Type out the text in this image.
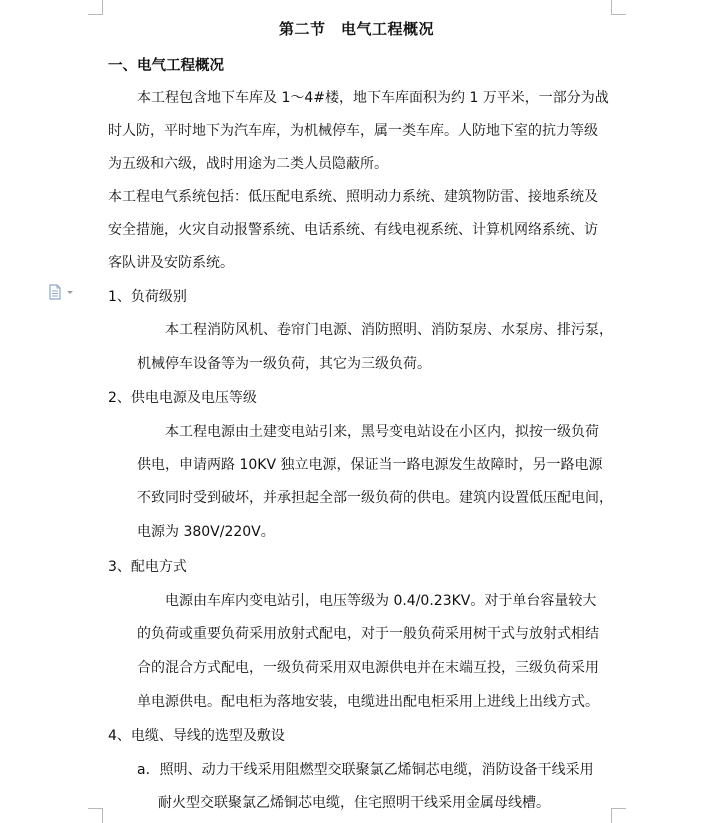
第二节　电气工程概况
一、电气工程概况
本工程包含地下车库及 1～4#楼，地下车库面积为约 1 万平米，一部分为战
时人防，平时地下为汽车库，为机械停车，属一类车库。人防地下室的抗力等级
为五级和六级，战时用途为二类人员隐蔽所。
本工程电气系统包括：低压配电系统、照明动力系统、建筑物防雷、接地系统及
安全措施，火灾自动报警系统、电话系统、有线电视系统、计算机网络系统、访
客队讲及安防系统。
1、负荷级别
本工程消防风机、卷帘门电源、消防照明、消防泵房、水泵房、排污泵，
机械停车设备等为一级负荷，其它为三级负荷。
2、供电电源及电压等级
本工程电源由土建变电站引来，黑号变电站设在小区内，拟按一级负荷
供电，申请两路 10KV 独立电源，保证当一路电源发生故障时，另一路电源
不致同时受到破坏，并承担起全部一级负荷的供电。建筑内设置低压配电间，
电源为 380V/220V。
3、配电方式
电源由车库内变电站引，电压等级为 0.4/0.23KV。对于单台容量较大
的负荷或重要负荷采用放射式配电，对于一般负荷采用树干式与放射式相结
合的混合方式配电，一级负荷采用双电源供电并在末端互投，三级负荷采用
单电源供电。配电柜为落地安装，电缆进出配电柜采用上进线上出线方式。
4、电缆、导线的选型及敷设
a．照明、动力干线采用阻燃型交联聚氯乙烯铜芯电缆，消防设备干线采用
耐火型交联聚氯乙烯铜芯电缆，住宅照明干线采用金属母线槽。
